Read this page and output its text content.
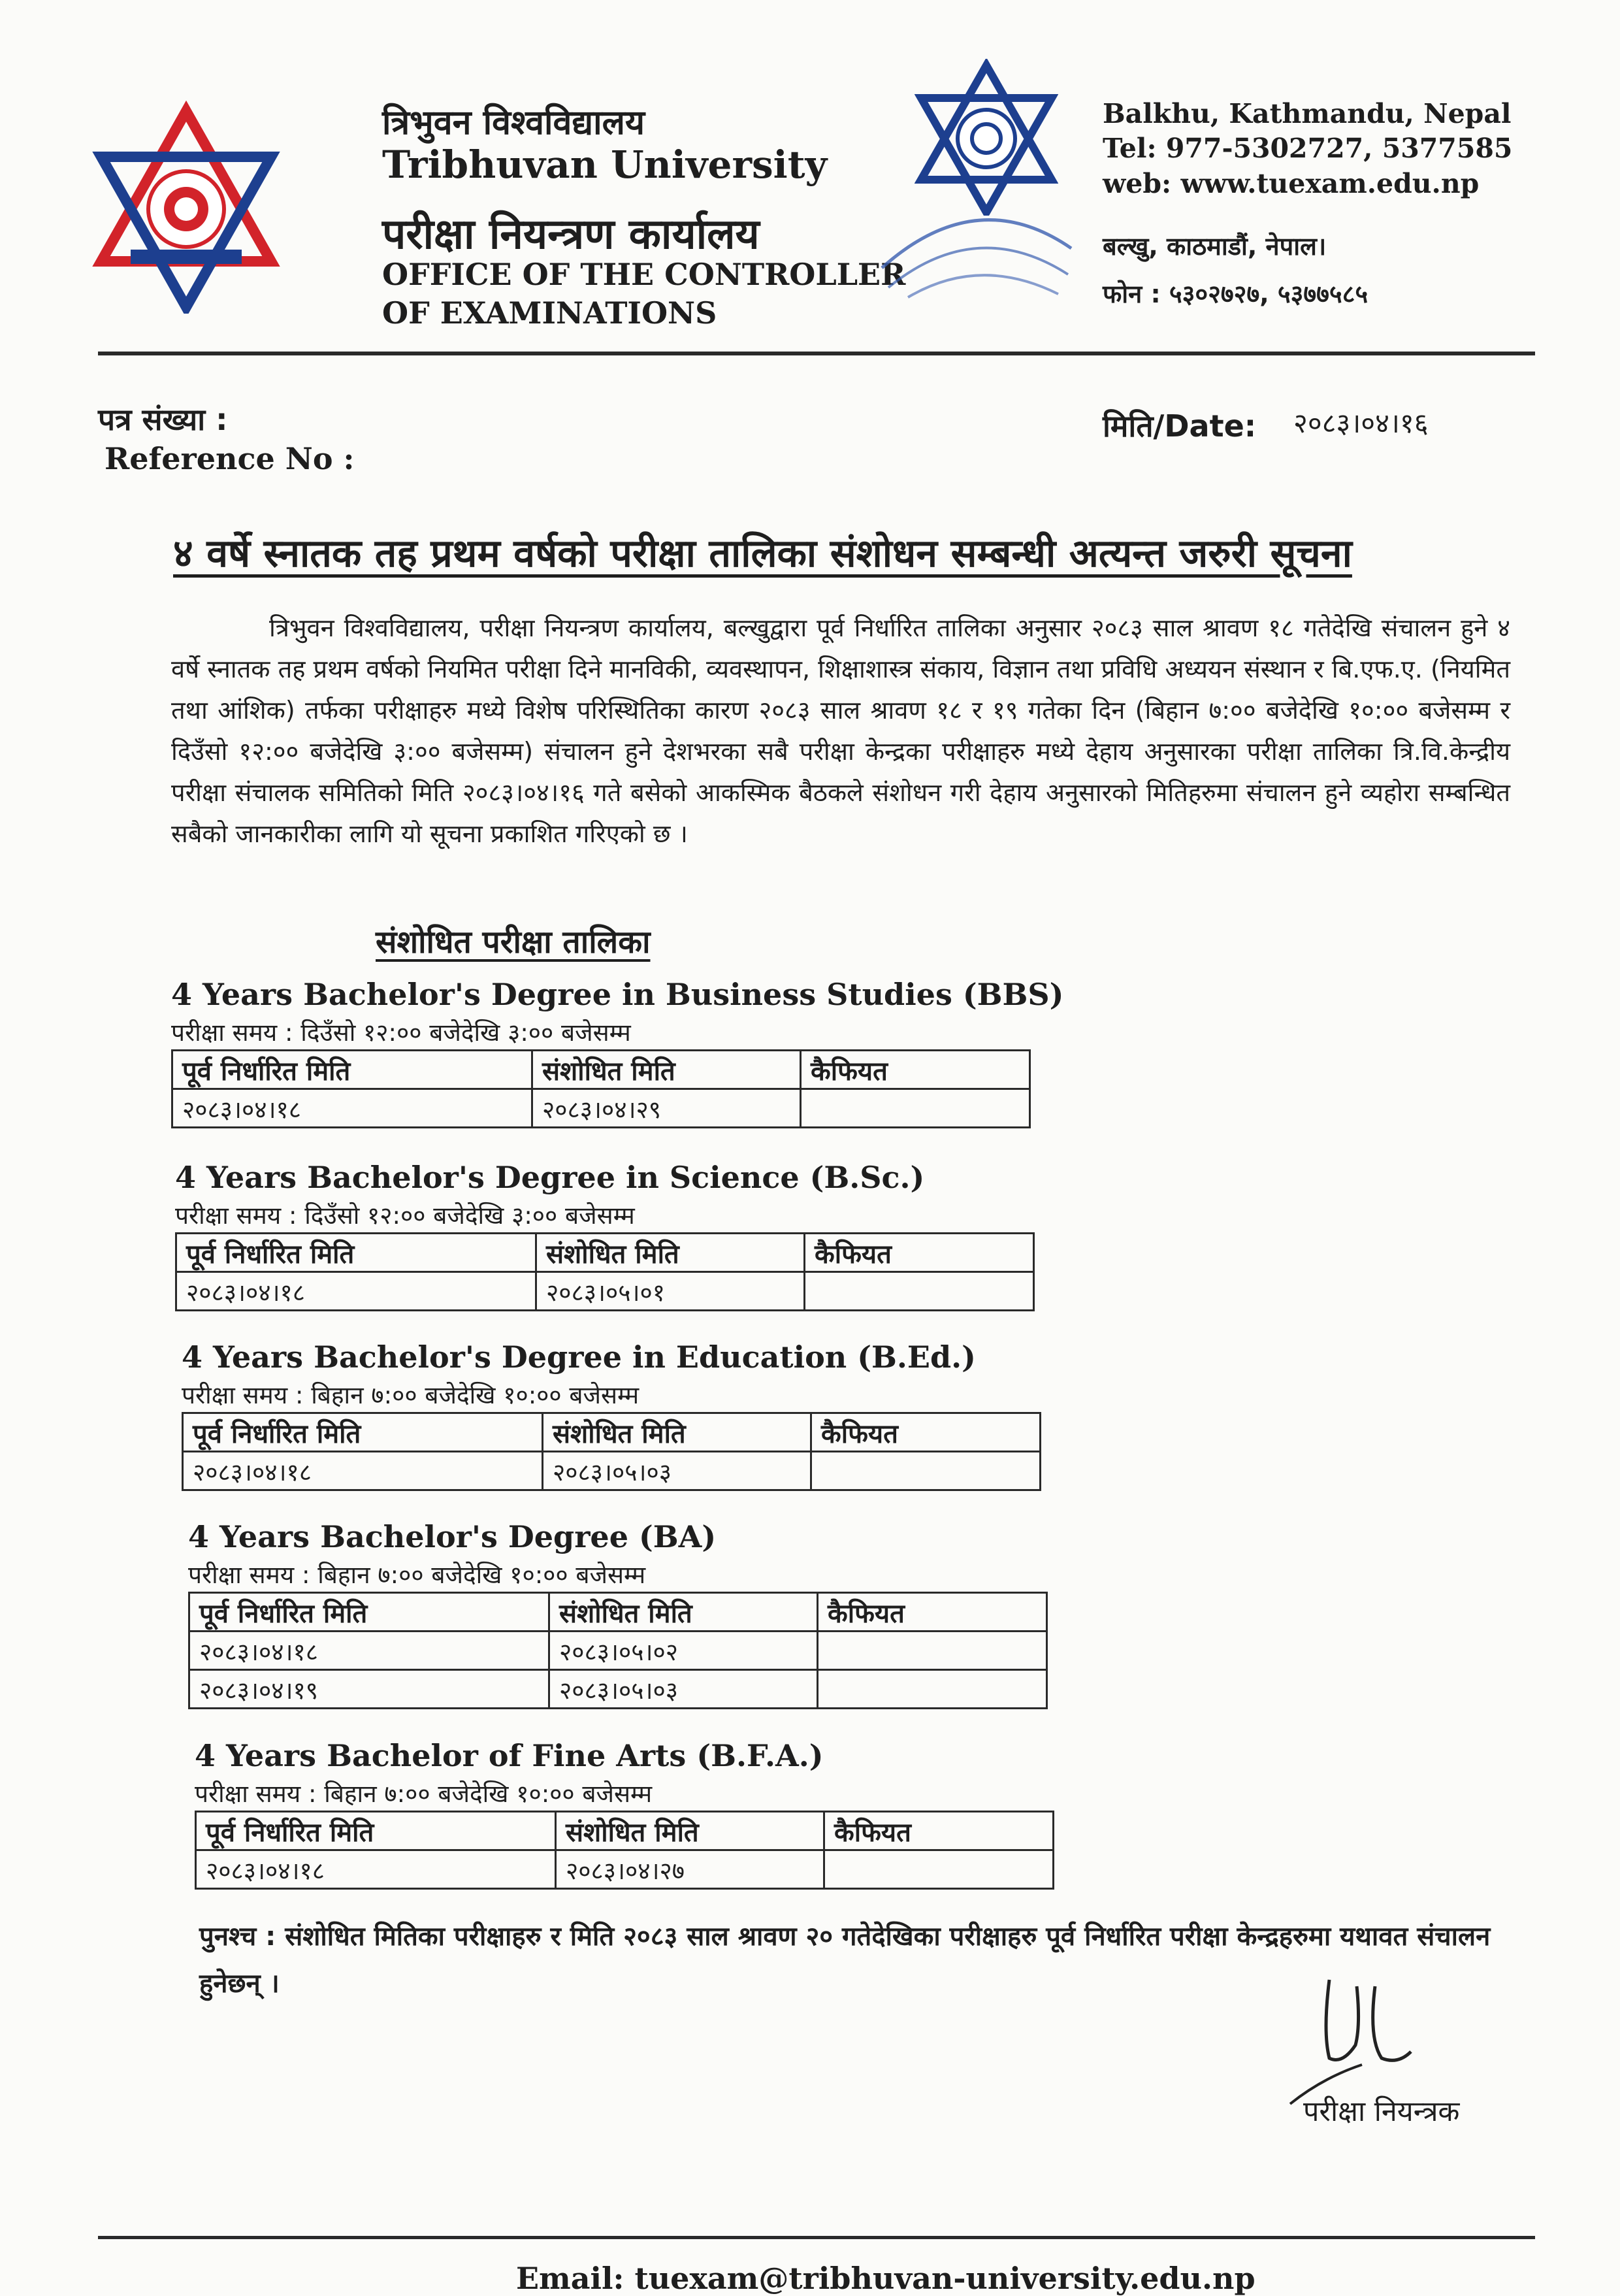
त्रिभुवन विश्वविद्यालय
Tribhuvan University
परीक्षा नियन्त्रण कार्यालय
OFFICE OF THE CONTROLLER
OF EXAMINATIONS
Balkhu, Kathmandu, Nepal
Tel: 977-5302727, 5377585
web: www.tuexam.edu.np
बल्खु, काठमाडौं, नेपाल।
फोन : ५३०२७२७, ५३७७५८५
पत्र संख्या :
Reference No :
मिति/Date: २०८३।०४।१६
४ वर्षे स्नातक तह प्रथम वर्षको परीक्षा तालिका संशोधन सम्बन्धी अत्यन्त जरुरी सूचना
त्रिभुवन विश्वविद्यालय, परीक्षा नियन्त्रण कार्यालय, बल्खुद्वारा पूर्व निर्धारित तालिका अनुसार २०८३ साल श्रावण १८ गतेदेखि संचालन हुने ४ वर्षे स्नातक तह प्रथम वर्षको नियमित परीक्षा दिने मानविकी, व्यवस्थापन, शिक्षाशास्त्र संकाय, विज्ञान तथा प्रविधि अध्ययन संस्थान र बि.एफ.ए. (नियमित तथा आंशिक) तर्फका परीक्षाहरु मध्ये विशेष परिस्थितिका कारण २०८३ साल श्रावण १८ र १९ गतेका दिन (बिहान ७:०० बजेदेखि १०:०० बजेसम्म र दिउँसो १२:०० बजेदेखि ३:०० बजेसम्म) संचालन हुने देशभरका सबै परीक्षा केन्द्रका परीक्षाहरु मध्ये देहाय अनुसारका परीक्षा तालिका त्रि.वि.केन्द्रीय परीक्षा संचालक समितिको मिति २०८३।०४।१६ गते बसेको आकस्मिक बैठकले संशोधन गरी देहाय अनुसारको मितिहरुमा संचालन हुने व्यहोरा सम्बन्धित सबैको जानकारीका लागि यो सूचना प्रकाशित गरिएको छ ।
संशोधित परीक्षा तालिका
4 Years Bachelor's Degree in Business Studies (BBS)
परीक्षा समय : दिउँसो १२:०० बजेदेखि ३:०० बजेसम्म
पूर्व निर्धारित मिति	संशोधित मिति	कैफियत
२०८३।०४।१८	२०८३।०४।२९	
4 Years Bachelor's Degree in Science (B.Sc.)
परीक्षा समय : दिउँसो १२:०० बजेदेखि ३:०० बजेसम्म
पूर्व निर्धारित मिति	संशोधित मिति	कैफियत
२०८३।०४।१८	२०८३।०५।०१	
4 Years Bachelor's Degree in Education (B.Ed.)
परीक्षा समय : बिहान ७:०० बजेदेखि १०:०० बजेसम्म
पूर्व निर्धारित मिति	संशोधित मिति	कैफियत
२०८३।०४।१८	२०८३।०५।०३	
4 Years Bachelor's Degree (BA)
परीक्षा समय : बिहान ७:०० बजेदेखि १०:०० बजेसम्म
पूर्व निर्धारित मिति	संशोधित मिति	कैफियत
२०८३।०४।१८	२०८३।०५।०२	
२०८३।०४।१९	२०८३।०५।०३	
4 Years Bachelor of Fine Arts (B.F.A.)
परीक्षा समय : बिहान ७:०० बजेदेखि १०:०० बजेसम्म
पूर्व निर्धारित मिति	संशोधित मिति	कैफियत
२०८३।०४।१८	२०८३।०४।२७	
पुनश्च : संशोधित मितिका परीक्षाहरु र मिति २०८३ साल श्रावण २० गतेदेखिका परीक्षाहरु पूर्व निर्धारित परीक्षा केन्द्रहरुमा यथावत संचालन हुनेछन् ।
परीक्षा नियन्त्रक
Email: tuexam@tribhuvan-university.edu.np
